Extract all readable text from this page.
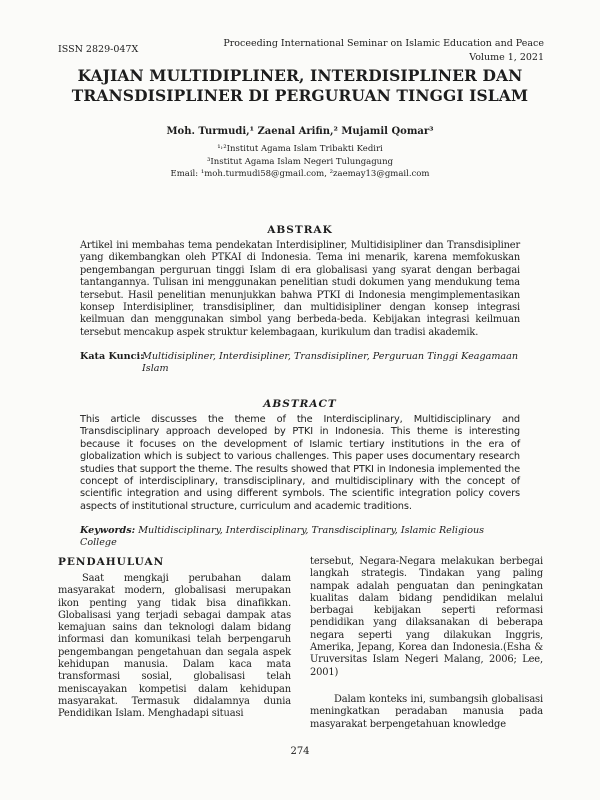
ISSN 2829-047X
Proceeding International Seminar on Islamic Education and Peace
Volume 1, 2021
KAJIAN MULTIDIPLINER, INTERDISIPLINER DAN
TRANSDISIPLINER DI PERGURUAN TINGGI ISLAM
Moh. Turmudi,¹ Zaenal Arifin,² Mujamil Qomar³
¹˒²Institut Agama Islam Tribakti Kediri
³Institut Agama Islam Negeri Tulungagung
Email: ¹moh.turmudi58@gmail.com, ²zaemay13@gmail.com
ABSTRAK
Artikel ini membahas tema pendekatan Interdisipliner, Multidisipliner dan Transdisipliner yang dikembangkan oleh PTKAI di Indonesia. Tema ini menarik, karena memfokuskan pengembangan perguruan tinggi Islam di era globalisasi yang syarat dengan berbagai tantangannya. Tulisan ini menggunakan penelitian studi dokumen yang mendukung tema tersebut. Hasil penelitian menunjukkan bahwa PTKI di Indonesia mengimplementasikan konsep Interdisipliner, transdisipliner, dan multidisipliner dengan konsep integrasi keilmuan dan menggunakan simbol yang berbeda-beda. Kebijakan integrasi keilmuan tersebut mencakup aspek struktur kelembagaan, kurikulum dan tradisi akademik.
Kata Kunci:
Multidisipliner, Interdisipliner, Transdisipliner, Perguruan Tinggi Keagamaan Islam
ABSTRACT
This article discusses the theme of the Interdisciplinary, Multidisciplinary and Transdisciplinary approach developed by PTKI in Indonesia. This theme is interesting because it focuses on the development of Islamic tertiary institutions in the era of globalization which is subject to various challenges. This paper uses documentary research studies that support the theme. The results showed that PTKI in Indonesia implemented the concept of interdisciplinary, transdisciplinary, and multidisciplinary with the concept of scientific integration and using different symbols. The scientific integration policy covers aspects of institutional structure, curriculum and academic traditions.
Keywords: Multidisciplinary, Interdisciplinary, Transdisciplinary, Islamic Religious College
PENDAHULUAN
Saat mengkaji perubahan dalam masyarakat modern, globalisasi merupakan ikon penting yang tidak bisa dinafikkan. Globalisasi yang terjadi sebagai dampak atas kemajuan sains dan teknologi dalam bidang informasi dan komunikasi telah berpengaruh pengembangan pengetahuan dan segala aspek kehidupan manusia. Dalam kaca mata transformasi sosial, globalisasi telah meniscayakan kompetisi dalam kehidupan masyarakat. Termasuk didalamnya dunia Pendidikan Islam. Menghadapi situasi

tersebut, Negara-Negara melakukan berbegai langkah strategis. Tindakan yang paling nampak adalah penguatan dan peningkatan kualitas dalam bidang pendidikan melalui berbagai kebijakan seperti reformasi pendidikan yang dilaksanakan di beberapa negara seperti yang dilakukan Inggris, Amerika, Jepang, Korea dan Indonesia.(Esha & Uruversitas Islam Negeri Malang, 2006; Lee, 2001)

Dalam konteks ini, sumbangsih globalisasi meningkatkan peradaban manusia pada masyarakat berpengetahuan knowledge

274
